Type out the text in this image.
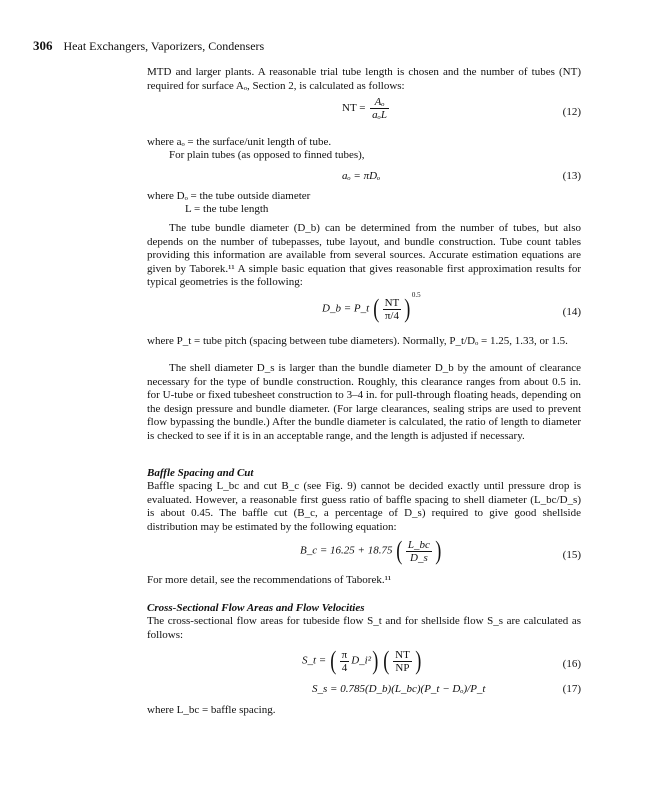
306 Heat Exchangers, Vaporizers, Condensers

MTD and larger plants. A reasonable trial tube length is chosen and the number of tubes (NT) required for surface Aₒ, Section 2, is calculated as follows:

NT = $\frac{\text{Aₒ}}{\text{aₒL}}$	(12)
where aₒ = the surface/unit length of tube.
For plain tubes (as opposed to finned tubes),
aₒ = πDₒ	(13)
where Dₒ = the tube outside diameter
L = the tube length

The tube bundle diameter (D_b) can be determined from the number of tubes, but also depends on the number of tubepasses, tube layout, and bundle construction. Tube count tables providing this information are available from several sources. Accurate estimation equations are given by Taborek.¹¹ A simple basic equation that gives reasonable first approximation results for typical geometries is the following:

D_b = P_t ( $\frac{NT}{\pi/4} )^{0.5}$
(14)

where P_t = tube pitch (spacing between tube diameters). Normally, P_t/Dₒ = 1.25, 1.33, or 1.5.

The shell diameter D_s is larger than the bundle diameter D_b by the amount of clearance necessary for the type of bundle construction. Roughly, this clearance ranges from about 0.5 in. for U-tube or fixed tubesheet construction to 3–4 in. for pull-through floating heads, depending on the design pressure and bundle diameter. (For large clearances, sealing strips are used to prevent flow bypassing the bundle.) After the bundle diameter is calculated, the ratio of length to diameter is checked to see if it is in an acceptable range, and the length is adjusted if necessary.

Baffle Spacing and Cut

Baffle spacing L_bc and cut B_c (see Fig. 9) cannot be decided exactly until pressure drop is evaluated. However, a reasonable first guess ratio of baffle spacing to shell diameter (L_bc/D_s) is about 0.45. The baffle cut (B_c, a percentage of D_s) required to give good shellside distribution may be estimated by the following equation:

B_c = 16.25 + 18.75 ( $\frac{L\_bc}{D\_s}$ )	(15)
For more detail, see the recommendations of Taborek.¹¹
Cross-Sectional Flow Areas and Flow Velocities

The cross-sectional flow areas for tubeside flow S_t and for shellside flow S_s are calculated as follows:

S_t = ( $\frac{\pi}{4}$ D_i²) ( $\frac{NT}{NP}$ )	(16)
S_s = 0.785(D_b)(L_bc)(P_t − Dₒ)/P_t	(17)
where L_bc = baffle spacing.
